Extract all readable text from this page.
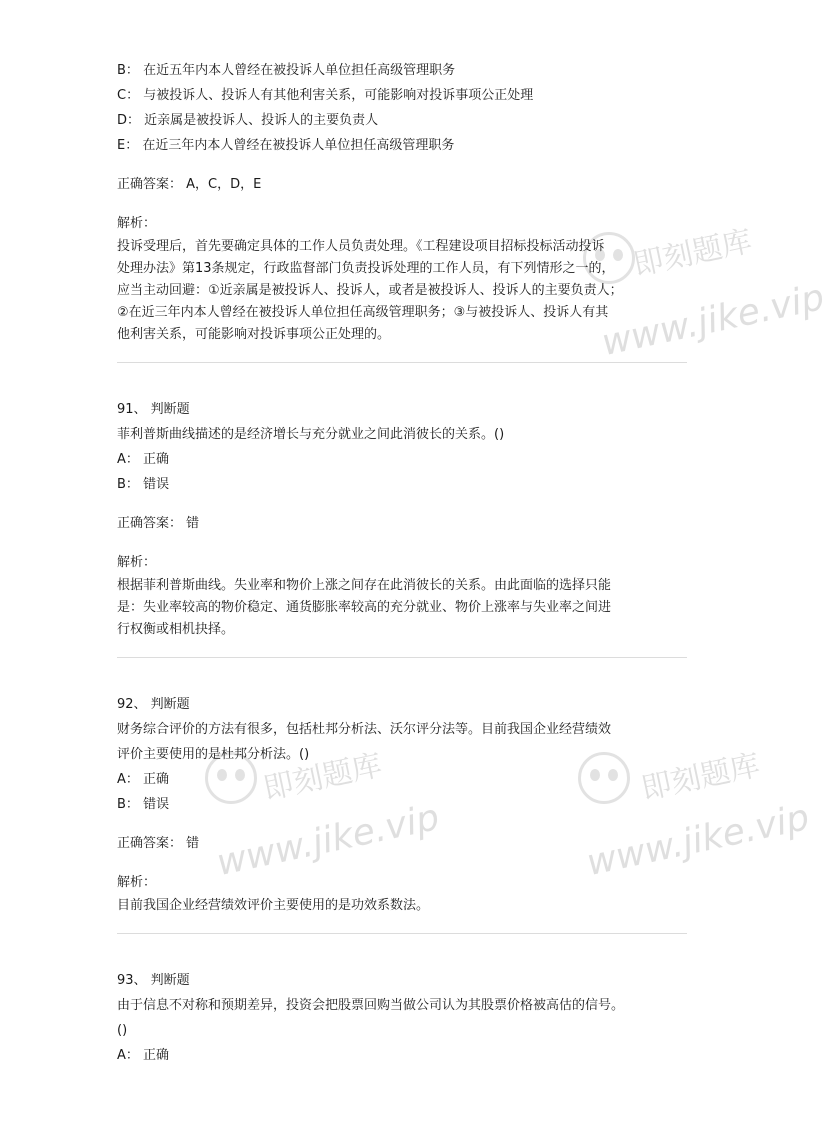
即刻题库
www.jike.vip
即刻题库
www.jike.vip
即刻题库
www.jike.vip
B： 在近五年内本人曾经在被投诉人单位担任高级管理职务
C： 与被投诉人、投诉人有其他利害关系，可能影响对投诉事项公正处理
D： 近亲属是被投诉人、投诉人的主要负责人
E： 在近三年内本人曾经在被投诉人单位担任高级管理职务
正确答案： A，C，D，E
解析：
投诉受理后，首先要确定具体的工作人员负责处理。《工程建设项目招标投标活动投诉
处理办法》第13条规定，行政监督部门负责投诉处理的工作人员，有下列情形之一的，
应当主动回避：①近亲属是被投诉人、投诉人，或者是被投诉人、投诉人的主要负责人；
②在近三年内本人曾经在被投诉人单位担任高级管理职务；③与被投诉人、投诉人有其
他利害关系，可能影响对投诉事项公正处理的。
91、 判断题
菲利普斯曲线描述的是经济增长与充分就业之间此消彼长的关系。()
A： 正确
B： 错误
正确答案： 错
解析：
根据菲利普斯曲线。失业率和物价上涨之间存在此消彼长的关系。由此面临的选择只能
是：失业率较高的物价稳定、通货膨胀率较高的充分就业、物价上涨率与失业率之间进
行权衡或相机抉择。
92、 判断题
财务综合评价的方法有很多，包括杜邦分析法、沃尔评分法等。目前我国企业经营绩效
评价主要使用的是杜邦分析法。()
A： 正确
B： 错误
正确答案： 错
解析：
目前我国企业经营绩效评价主要使用的是功效系数法。
93、 判断题
由于信息不对称和预期差异，投资会把股票回购当做公司认为其股票价格被高估的信号。
()
A： 正确
